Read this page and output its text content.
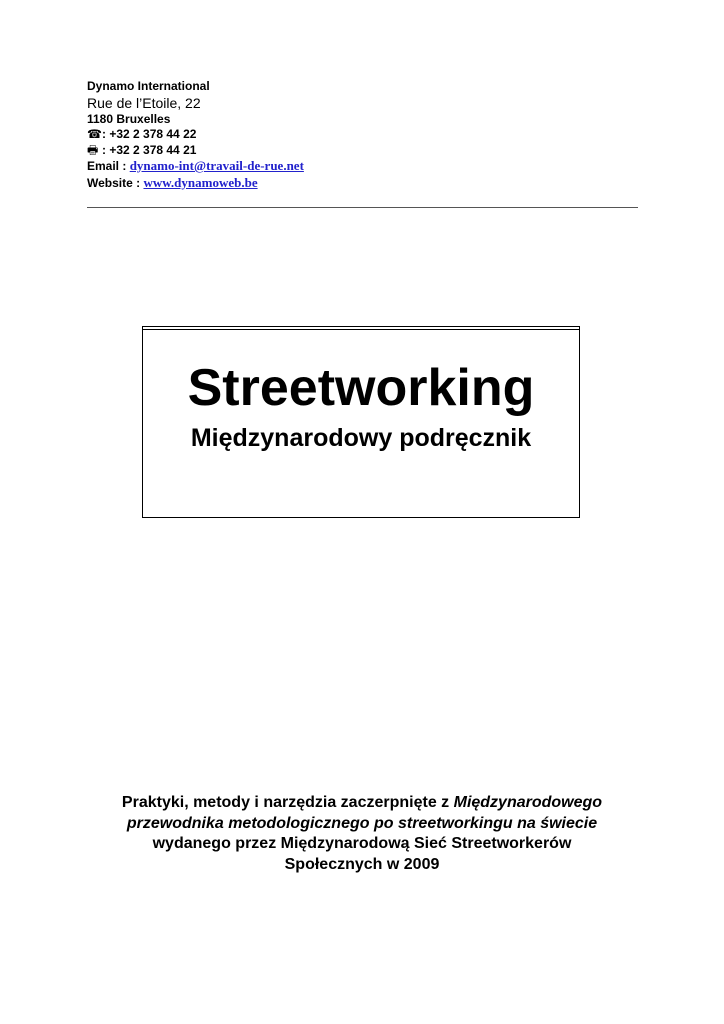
Dynamo International
Rue de l’Etoile, 22
1180 Bruxelles
☎: +32 2 378 44 22
🖶 : +32 2 378 44 21
Email : dynamo-int@travail-de-rue.net
Website : www.dynamoweb.be
Streetworking
Międzynarodowy podręcznik
Praktyki, metody i narzędzia zaczerpnięte z Międzynarodowego
przewodnika metodologicznego po streetworkingu na świecie
wydanego przez Międzynarodową Sieć Streetworkerów
Społecznych w 2009
